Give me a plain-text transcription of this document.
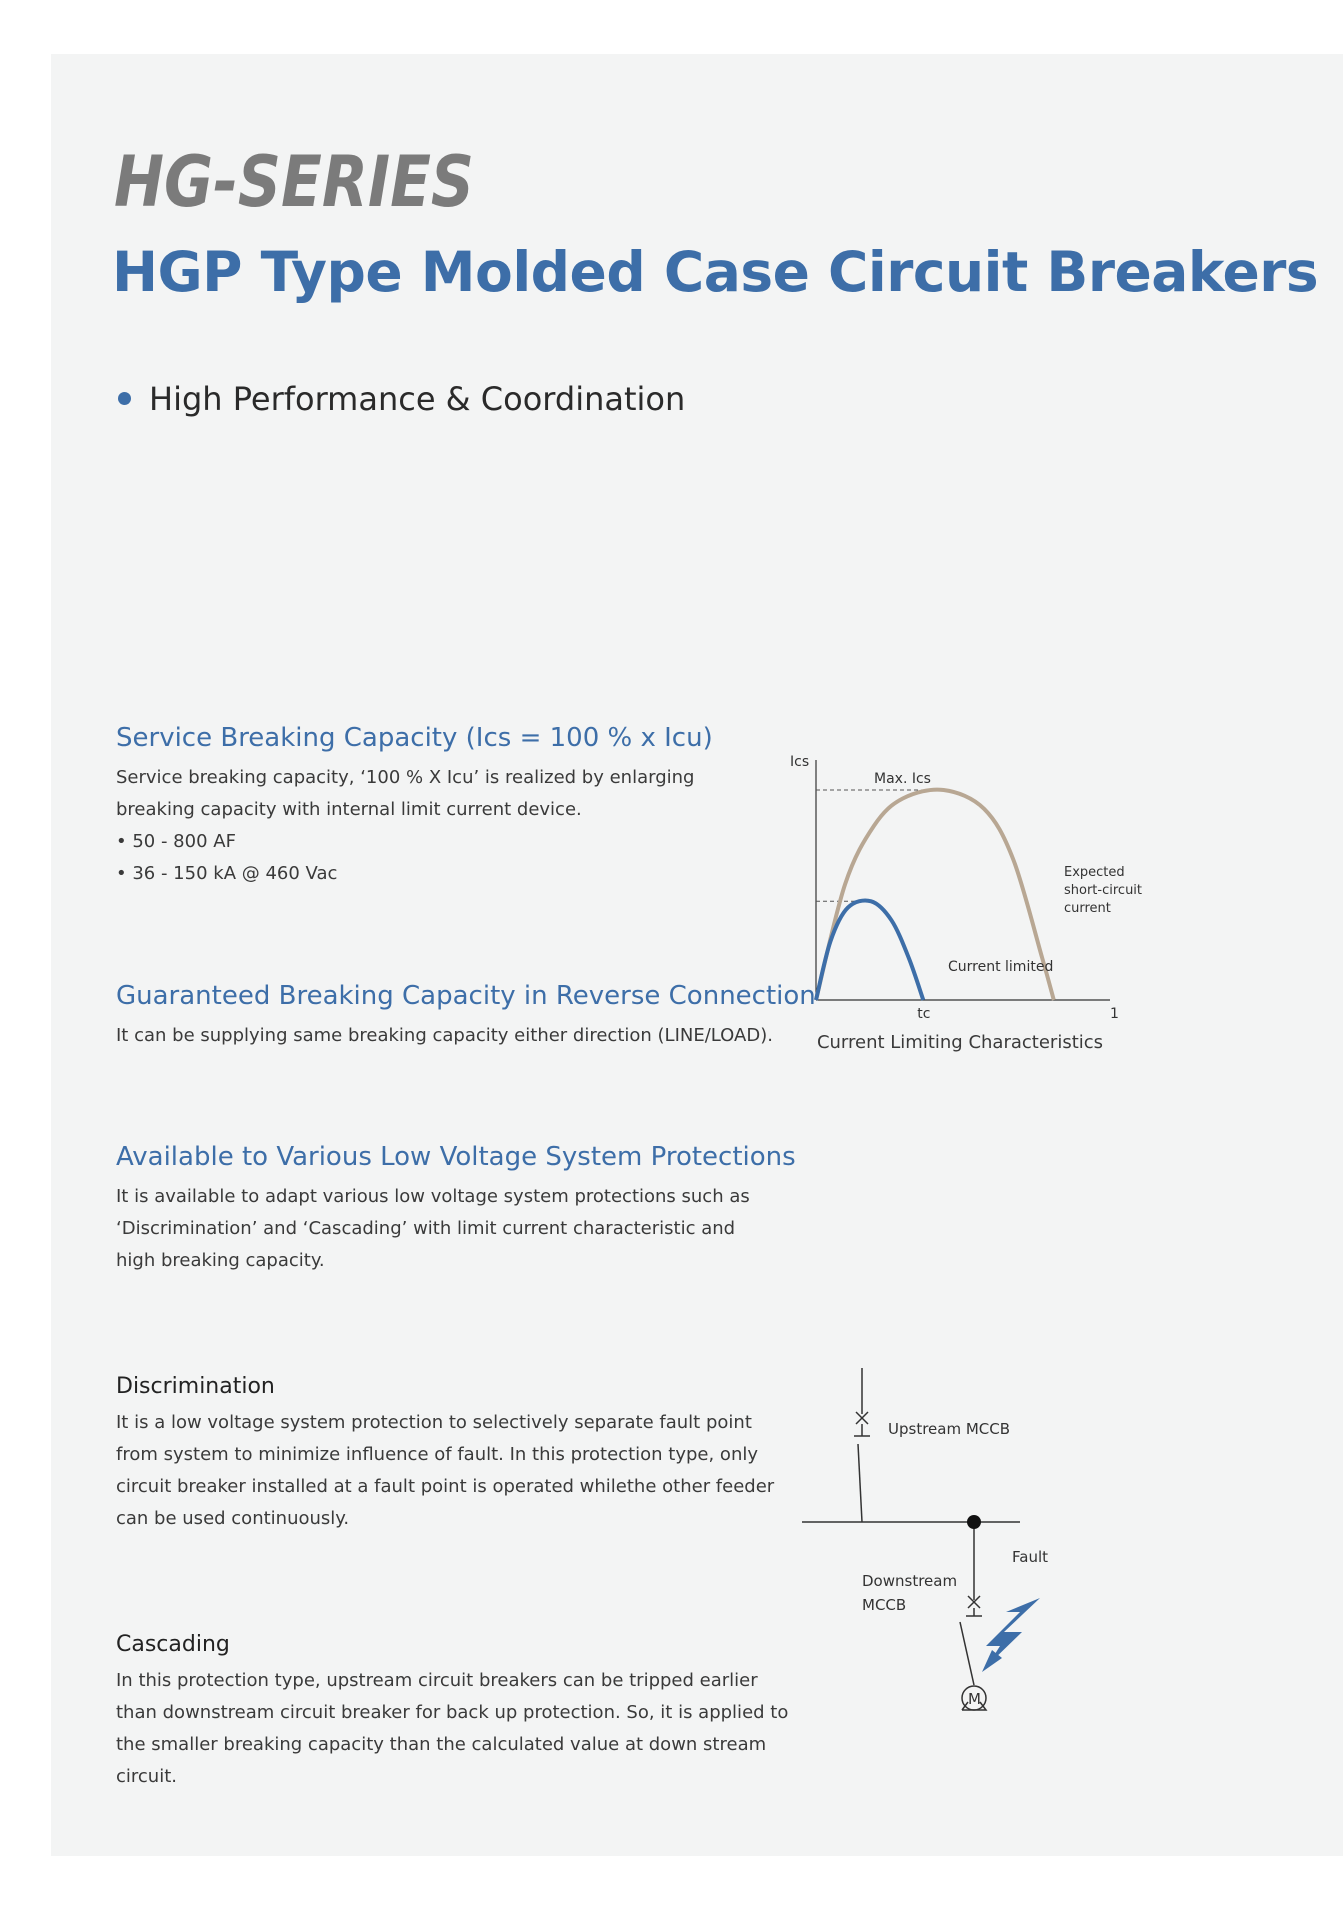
HG-SERIES
HGP Type Molded Case Circuit Breakers
High Performance & Coordination
Service Breaking Capacity (Ics = 100 % x Icu)
Service breaking capacity, ‘100 % X Icu’ is realized by enlarging breaking capacity with internal limit current device.
• 50 - 800 AF
• 36 - 150 kA @ 460 Vac
Guaranteed Breaking Capacity in Reverse Connection

It can be supplying same breaking capacity either direction (LINE/LOAD).

Available to Various Low Voltage System Protections

It is available to adapt various low voltage system protections such as ‘Discrimination’ and ‘Cascading’ with limit current characteristic and high breaking capacity.

Discrimination

It is a low voltage system protection to selectively separate fault point from system to minimize influence of fault. In this protection type, only circuit breaker installed at a fault point is operated whilethe other feeder can be used continuously.

Cascading

In this protection type, upstream circuit breakers can be tripped earlier than downstream circuit breaker for back up protection. So, it is applied to the smaller breaking capacity than the calculated value at down stream circuit.

Ics
Max. Ics
Expected
short-circuit
current
Current limited
tc	1
Current Limiting Characteristics
M
Upstream MCCB
Fault
Downstream
MCCB
